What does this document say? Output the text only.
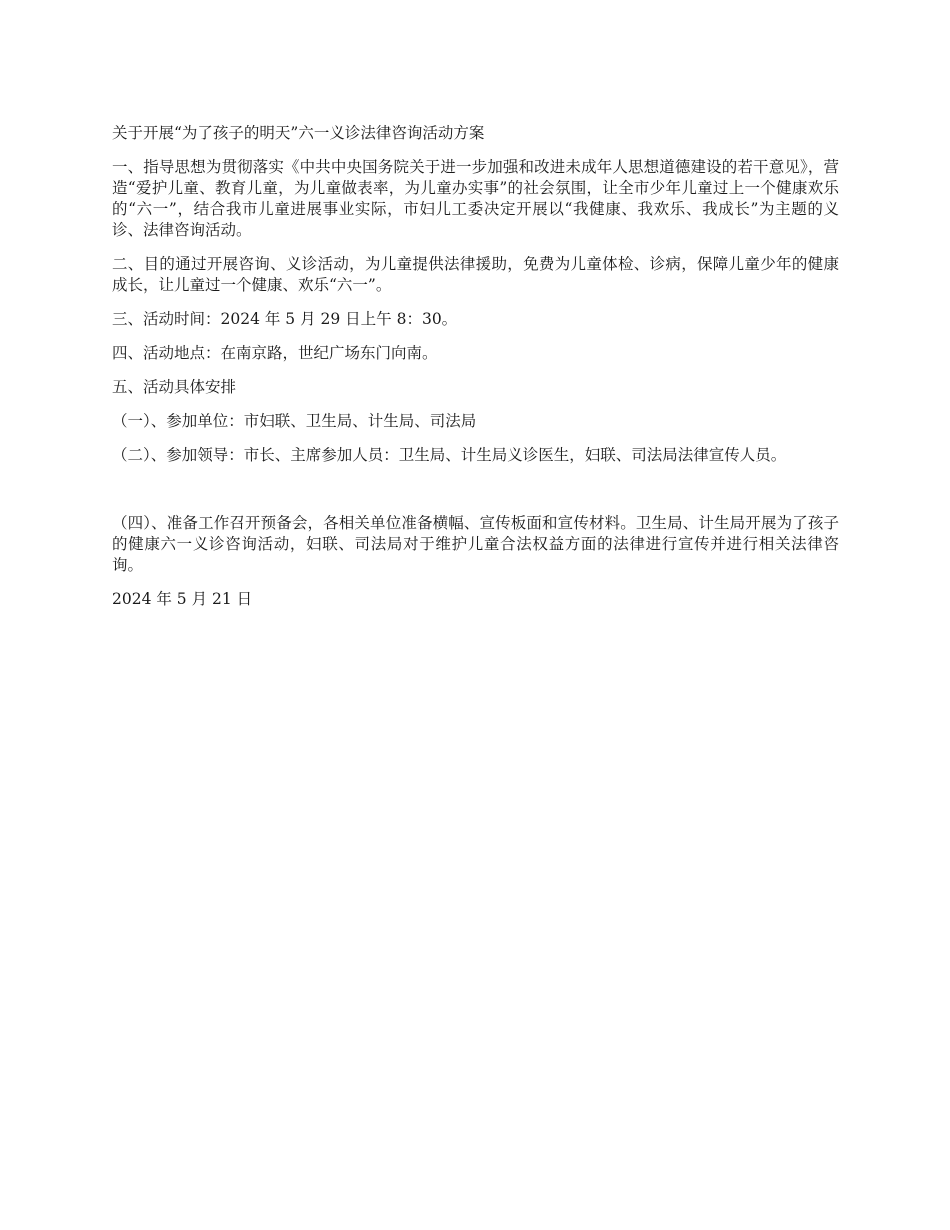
关于开展“为了孩子的明天”六一义诊法律咨询活动方案

一、指导思想为贯彻落实《中共中央国务院关于进一步加强和改进未成年人思想道德建设的若干意见》，营造“爱护儿童、教育儿童，为儿童做表率，为儿童办实事”的社会氛围，让全市少年儿童过上一个健康欢乐的“六一”，结合我市儿童进展事业实际，市妇儿工委决定开展以“我健康、我欢乐、我成长”为主题的义诊、法律咨询活动。

二、目的通过开展咨询、义诊活动，为儿童提供法律援助，免费为儿童体检、诊病，保障儿童少年的健康成长，让儿童过一个健康、欢乐“六一”。

三、活动时间：2024 年 5 月 29 日上午 8：30。

四、活动地点：在南京路，世纪广场东门向南。

五、活动具体安排

（一）、参加单位：市妇联、卫生局、计生局、司法局

（二）、参加领导：市长、主席参加人员：卫生局、计生局义诊医生，妇联、司法局法律宣传人员。

（四）、准备工作召开预备会，各相关单位准备横幅、宣传板面和宣传材料。卫生局、计生局开展为了孩子的健康六一义诊咨询活动，妇联、司法局对于维护儿童合法权益方面的法律进行宣传并进行相关法律咨询。

2024 年 5 月 21 日
